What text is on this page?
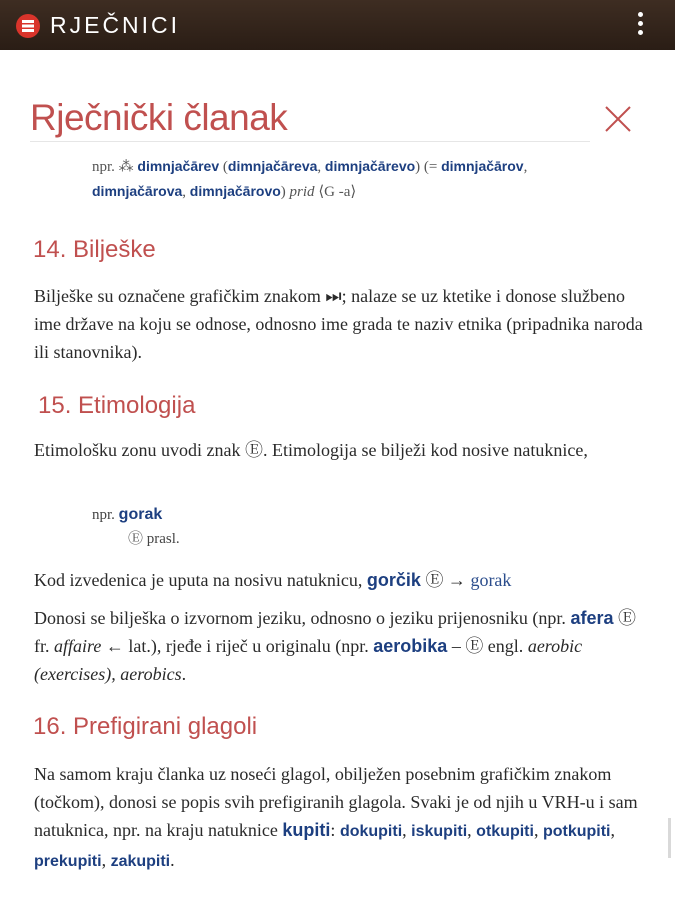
RJEČNICI
Rječnički članak
npr. ⁂ dimnjačārev (dimnjačāreva, dimnjačārevo) (= dimnjačārov,
dimnjačārova, dimnjačārovo) prid ⟨G -a⟩
14. Bilješke
Bilješke su označene grafičkim znakom ⏭; nalaze se uz ktetike i donose službeno ime države na koju se odnose, odnosno ime grada te naziv etnika (pripadnika naroda ili stanovnika).
15. Etimologija
Etimološku zonu uvodi znak Ⓔ. Etimologija se bilježi kod nosive natuknice,
npr. gorak
Ⓔ prasl.
Kod izvedenica je uputa na nosivu natuknicu, gorčik Ⓔ → gorak
Donosi se bilješka o izvornom jeziku, odnosno o jeziku prijenosniku (npr. afera Ⓔ fr. affaire ← lat.), rjeđe i riječ u originalu (npr. aerobika – Ⓔ engl. aerobic (exercises), aerobics.
16. Prefigirani glagoli
Na samom kraju članka uz noseći glagol, obilježen posebnim grafičkim znakom (točkom), donosi se popis svih prefigiranih glagola. Svaki je od njih u VRH-u i sam natuknica, npr. na kraju natuknice kupiti: dokupiti, iskupiti, otkupiti, potkupiti, prekupiti, zakupiti.
